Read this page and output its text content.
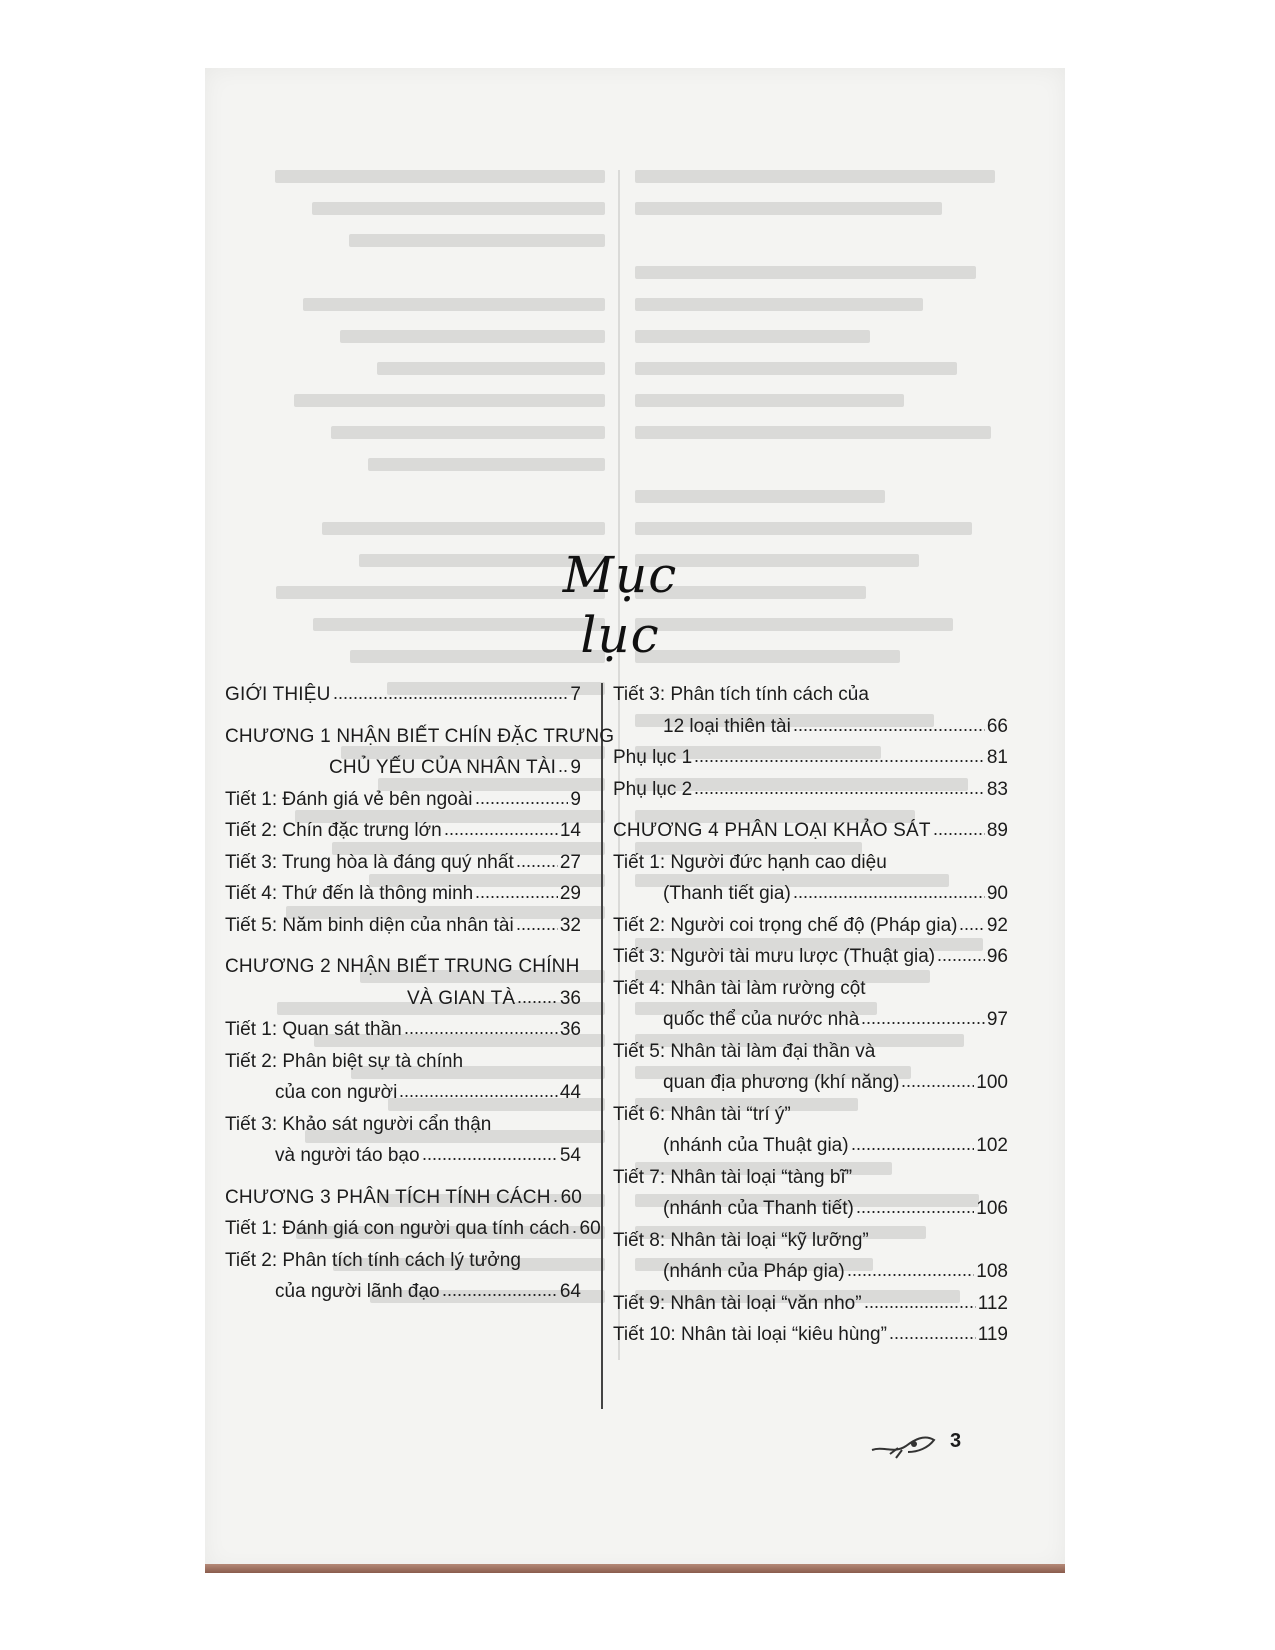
Mục lục
GIỚI THIỆU	7
CHƯƠNG 1 NHẬN BIẾT CHÍN ĐẶC TRƯNG
CHỦ YẾU CỦA NHÂN TÀI 9
Tiết 1: Đánh giá vẻ bên ngoài	9
Tiết 2: Chín đặc trưng lớn	14
Tiết 3: Trung hòa là đáng quý nhất 27
Tiết 4: Thứ đến là thông minh	29
Tiết 5: Năm binh diện của nhân tài 32
CHƯƠNG 2 NHẬN BIẾT TRUNG CHÍNH
VÀ GIAN TÀ 36
Tiết 1: Quan sát thần	36
Tiết 2: Phân biệt sự tà chính
của con người	44
Tiết 3: Khảo sát người cẩn thận
và người táo bạo	54
CHƯƠNG 3 PHÂN TÍCH TÍNH CÁCH 60
Tiết 1: Đánh giá con người qua tính cách 60
Tiết 2: Phân tích tính cách lý tưởng
của người lãnh đạo	64
Tiết 3: Phân tích tính cách của
12 loại thiên tài	66
Phụ lục 1	81
Phụ lục 2	83
CHƯƠNG 4 PHÂN LOẠI KHẢO SÁT	89
Tiết 1: Người đức hạnh cao diệu
(Thanh tiết gia)	90
Tiết 2: Người coi trọng chế độ (Pháp gia) 92
Tiết 3: Người tài mưu lược (Thuật gia)	96
Tiết 4: Nhân tài làm rường cột
quốc thể của nước nhà	97
Tiết 5: Nhân tài làm đại thần và
quan địa phương (khí năng)	100
Tiết 6: Nhân tài “trí ý”
(nhánh của Thuật gia)	102
Tiết 7: Nhân tài loại “tàng bĩ”
(nhánh của Thanh tiết)	106
Tiết 8: Nhân tài loại “kỹ lưỡng”
(nhánh của Pháp gia)	108
Tiết 9: Nhân tài loại “văn nho”	112
Tiết 10: Nhân tài loại “kiêu hùng”	119
3
